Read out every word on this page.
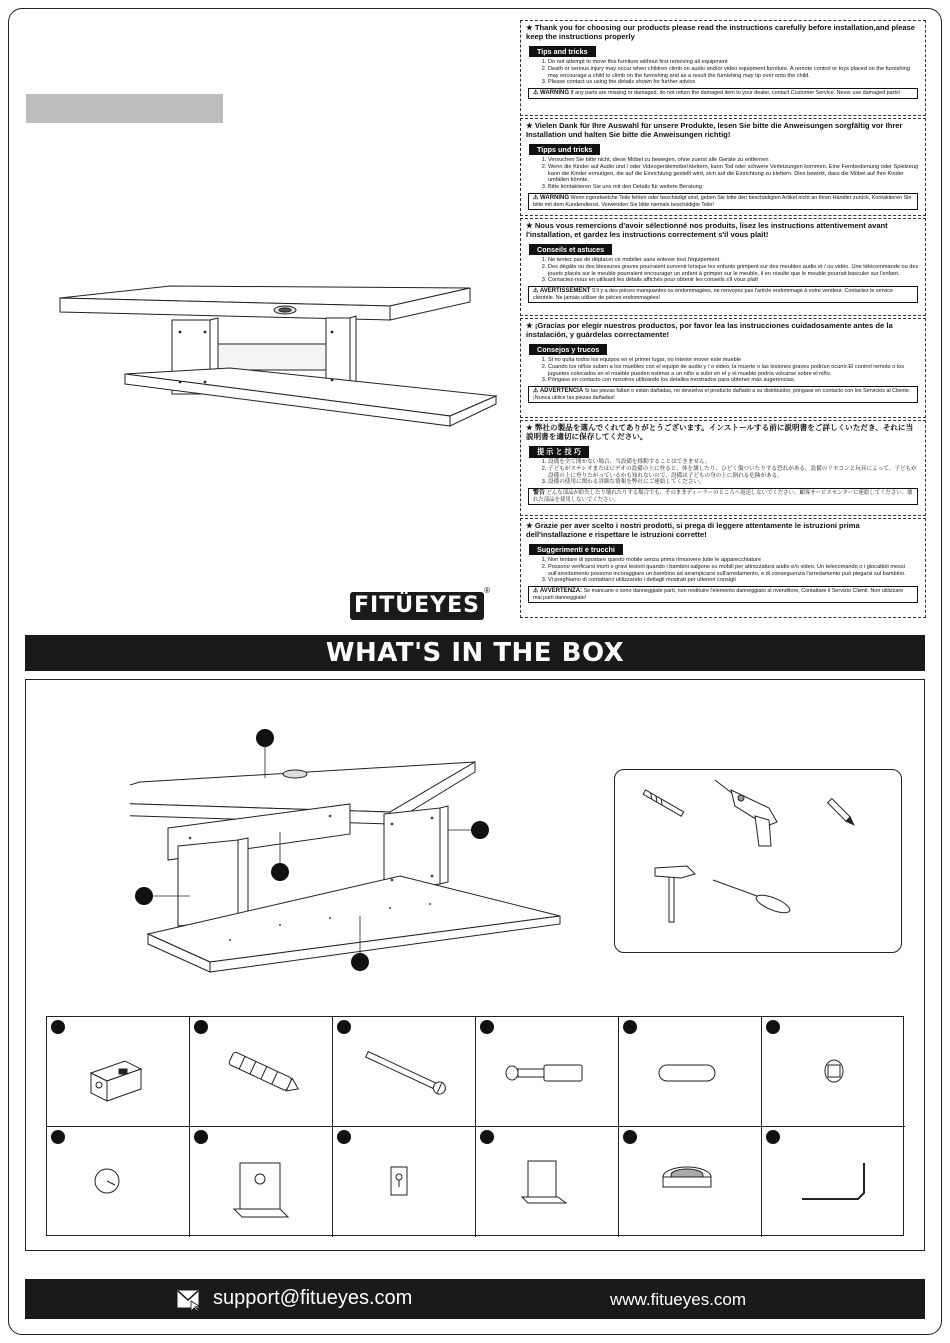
FITÜEYES
®
★ Thank you for choosing our products please read the instructions carefully before installation,and please keep the instructions properly
Tips and tricks
1. Do not attempt to move this furniture without first removing all equipment
2. Death or serious injury may occur when children climb on audio and/or video equipment furniture. A remote control or toys placed on the furnishing may encourage a child to climb on the furnishing and as a result the furnishing may tip over onto the child.
3. Please contact us using the details shown for further advice
⚠ WARNING If any parts are missing or damaged, do not return the damaged item to your dealer, contact Customer Service. Never use damaged parts!
★ Vielen Dank für Ihre Auswahl für unsere Produkte, lesen Sie bitte die Anweisungen sorgfältig vor Ihrer Installation und halten Sie bitte die Anweisungen richtig!
Tipps und tricks
1. Versuchen Sie bitte nicht, diese Möbel zu bewegen, ohne zuerst alle Geräte zu entfernen
2. Wenn die Kinder auf Audio und / oder Videogerätemöbel klettern, kann Tod oder schwere Verletzungen kommen. Eine Fernbedienung oder Spielzeug kann die Kinder ermutigen, die auf die Einrichtung gestellt wird, sich auf die Einrichtung zu klettern. Dies bewirkt, dass die Möbel auf Ihre Kinder umfallen könnte.
3. Bitte kontaktieren Sie uns mit den Details für weitere Beratung
⚠ WARNING Wenn irgendwelche Teile fehlen oder beschädigt sind, geben Sie bitte den beschädigten Artikel nicht an Ihren Händler zurück, Kontaktieren Sie bitte mit dem Kundendienst. Verwenden Sie bitte niemals beschädigte Teile!
★ Nous vous remercions d'avoir sélectionné nos produits, lisez les instructions attentivement avant l'installation, et gardez les instructions correctement s'il vous plaît!
Conseils et astuces
1. Ne tentez pas de déplacer ce mobilier sans enlever tout l'équipement.
2. Des dégâts ou des blessures graves pourraient survenir lorsque les enfants grimpent sur des meubles audio et / ou vidéo. Une télécommande ou des jouets placés sur le meuble pourraient encourager un enfant à grimper sur le meuble, il en résulte que le meuble pourrait basculer sur l'enfant.
3. Contactez-nous en utilisant les détails affichés pour obtenir les conseils s'il vous plaît
⚠ AVERTISSEMENT S'il y a des pièces manquantes ou endommagées, ne renvoyez pas l'article endommagé à votre vendeur. Contactez le service clientèle. Ne jamais utiliser de pièces endommagées!
★ ¡Gracias por elegir nuestros productos, por favor lea las instrucciones cuidadosamente antes de la instalación, y guárdelas correctamente!
Consejos y trucos
1. Si no quita todos los equipos en el primer lugar, no intente mover este mueble
2. Cuando los niños suben a los muebles con el equipo de audio y / o video, la muerte o las lesiones graves podrían ocurrir.El control remoto o los juguetes colocados en el mueble pueden estimar a un niño a subir en el y el mueble podría volcarse sobre el niño.
3. Póngase en contacto con nosotros utilizando los detalles mostrados para obtener más sugerencias.
⚠ ADVERTENCIA Si las piezas faltan o están dañadas, no devuelva el producto dañado a su distribuidor, póngase en contacto con los Servicios al Cliente. ¡Nunca utilice las piezas dañadas!
★ 弊社の製品を選んでくれてありがとうございます。インストールする前に説明書をご詳しくいただき、それに当説明書を適切に保存してください。
提 示 と 技 巧
1. 設備を全て開かない場合、当設備を移動することはできません。
2. 子どもがステレオまたはビデオの設備の上に登ると、体を壊したり、ひどく傷ついたりする恐れがある。設備のリモコンと玩具によって、子どもが設備の上に登りたがっているかも知れないので、設備は子どもの身の上に倒れる危険がある。
3. 設備の使用に関わる詳細な情報を弊社にご連絡してください。
警告 どんな部品が紛失したり壊れたりする場合でも、そのままディーラーのところへ返送しないでください。顧客サービスセンターに連絡してください。壊れた部品を使用しないでください。
★ Grazie per aver scelto i nostri prodotti, si prega di leggere attentamente le istruzioni prima dell'installazione e rispettare le istruzioni corrette!
Suggerimenti e trucchi
1. Non tentare di spostare questo mobile senza prima rimuovere tutte le apparecchiature
2. Possono verificarsi morti o gravi lesioni quando i bambini salgono su mobili per attrezzatura audio e/o video. Un telecomando o i giocattoli messi sull'arredamento possono incoraggiare un bambino ad arrampicarsi sull'arredamento, e di conseguenza l'arredamento può piegarsi sul bambino.
3. Vi preghiamo di contattarci utilizzando i dettagli mostrati per ulteriori consigli
⚠ AVVERTENZA: Se mancano o sono danneggiate parti, non restituire l'elemento danneggiato al rivenditore, Contattare il Servizio Clienti. Non utilizzare mai parti danneggiate!
WHAT'S IN THE BOX
support@fitueyes.com	www.fitueyes.com
